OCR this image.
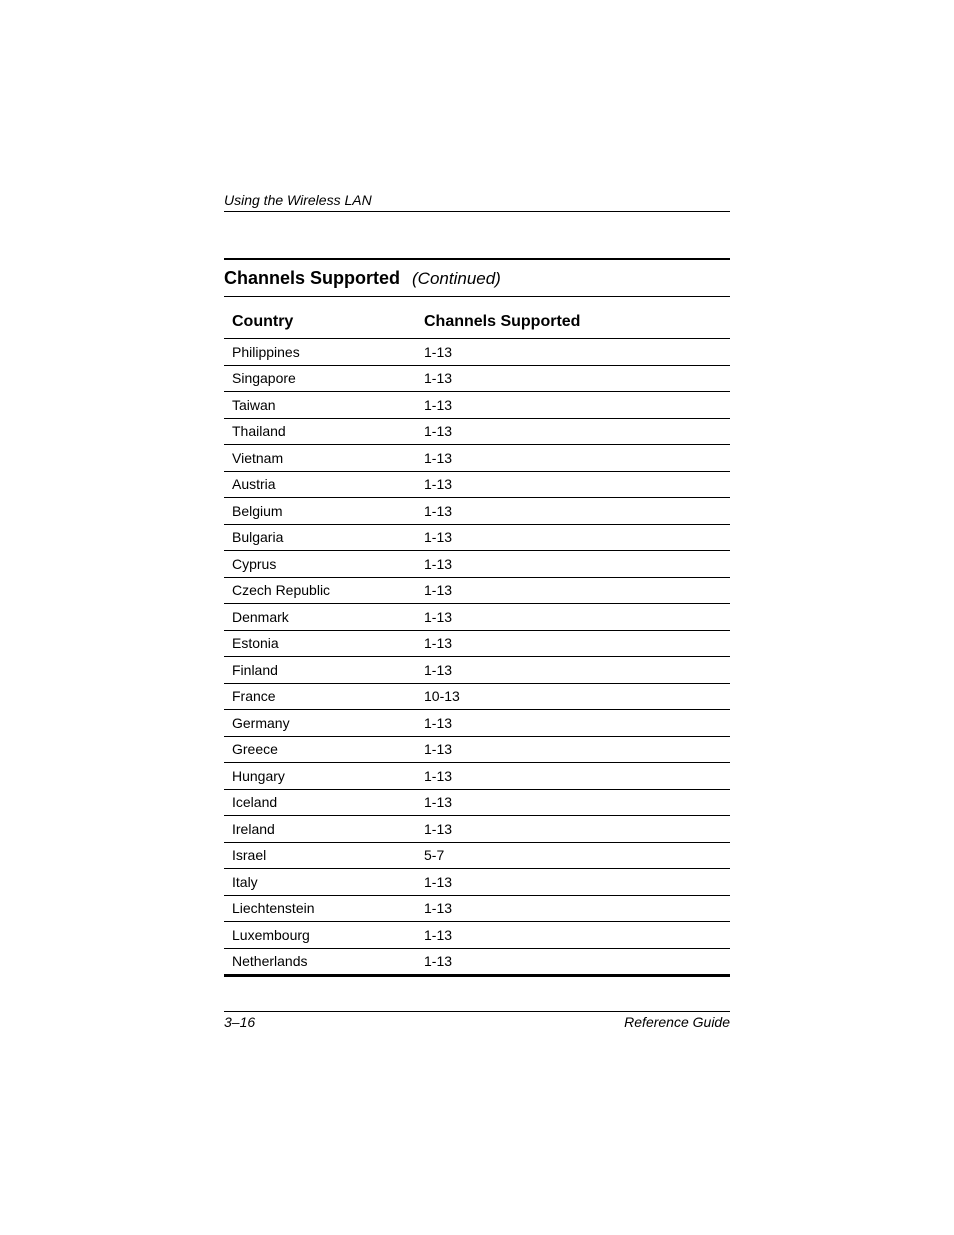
Using the Wireless LAN
Channels Supported (Continued)
Country	Channels Supported
Philippines	1-13
Singapore	1-13
Taiwan	1-13
Thailand	1-13
Vietnam	1-13
Austria	1-13
Belgium	1-13
Bulgaria	1-13
Cyprus	1-13
Czech Republic	1-13
Denmark	1-13
Estonia	1-13
Finland	1-13
France	10-13
Germany	1-13
Greece	1-13
Hungary	1-13
Iceland	1-13
Ireland	1-13
Israel	5-7
Italy	1-13
Liechtenstein	1-13
Luxembourg	1-13
Netherlands	1-13
3–16	Reference Guide
